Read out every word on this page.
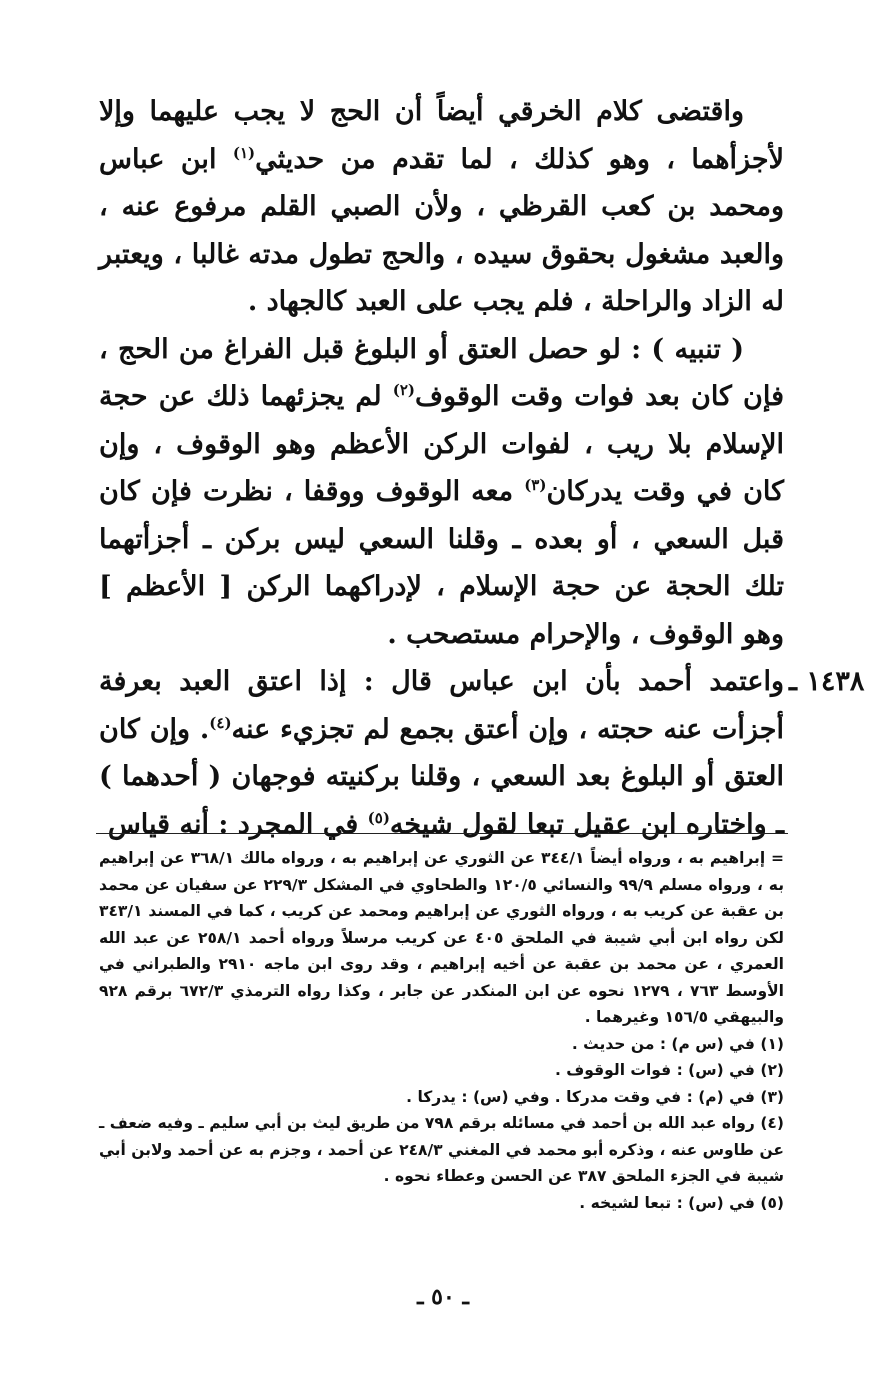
واقتضى كلام الخرقي أيضاً أن الحج لا يجب عليهما وإلا لأجزأهما ، وهو كذلك ، لما تقدم من حديثي$^{(١)}$ ابن عباس ومحمد بن كعب القرظي ، ولأن الصبي القلم مرفوع عنه ، والعبد مشغول بحقوق سيده ، والحج تطول مدته غالبا ، ويعتبر له الزاد والراحلة ، فلم يجب على العبد كالجهاد .

( تنبيه ) : لو حصل العتق أو البلوغ قبل الفراغ من الحج ، فإن كان بعد فوات وقت الوقوف$^{(٢)}$ لم يجزئهما ذلك عن حجة الإسلام بلا ريب ، لفوات الركن الأعظم وهو الوقوف ، وإن كان في وقت يدركان$^{(٣)}$ معه الوقوف ووقفا ، نظرت فإن كان قبل السعي ، أو بعده ـ وقلنا السعي ليس بركن ـ أجزأتهما تلك الحجة عن حجة الإسلام ، لإدراكهما الركن [ الأعظم ] وهو الوقوف ، والإحرام مستصحب .

١٤٣٨ ـ
واعتمد أحمد بأن ابن عباس قال : إذا اعتق العبد بعرفة أجزأت عنه حجته ، وإن أعتق بجمع لم تجزيء عنه$^{(٤)}$. وإن كان العتق أو البلوغ بعد السعي ، وقلنا بركنيته فوجهان ( أحدهما ) ـ واختاره ابن عقيل تبعا لقول شيخه$^{(٥)}$ في المجرد : أنه قياس

= إبراهيم به ، ورواه أيضاً ٣٤٤/١ عن الثوري عن إبراهيم به ، ورواه مالك ٣٦٨/١ عن إبراهيم به ، ورواه مسلم ٩٩/٩ والنسائي ١٢٠/٥ والطحاوي في المشكل ٢٢٩/٣ عن سفيان عن محمد بن عقبة عن كريب به ، ورواه الثوري عن إبراهيم ومحمد عن كريب ، كما في المسند ٣٤٣/١ لكن رواه ابن أبي شيبة في الملحق ٤٠٥ عن كريب مرسلاً ورواه أحمد ٢٥٨/١ عن عبد الله العمري ، عن محمد بن عقبة عن أخيه إبراهيم ، وقد روى ابن ماجه ٢٩١٠ والطبراني في الأوسط ٧٦٣ ، ١٢٧٩ نحوه عن ابن المنكدر عن جابر ، وكذا رواه الترمذي ٦٧٢/٣ برقم ٩٢٨ والبيهقي ١٥٦/٥ وغيرهما .

(١) في (س م) : من حديث .

(٢) في (س) : فوات الوقوف .

(٣) في (م) : في وقت مدركا . وفي (س) : يدركا .

(٤) رواه عبد الله بن أحمد في مسائله برقم ٧٩٨ من طريق ليث بن أبي سليم ـ وفيه ضعف ـ عن طاوس عنه ، وذكره أبو محمد في المغني ٢٤٨/٣ عن أحمد ، وجزم به عن أحمد ولابن أبي شيبة في الجزء الملحق ٣٨٧ عن الحسن وعطاء نحوه .

(٥) في (س) : تبعا لشيخه .

ـ ٥٠ ـ
